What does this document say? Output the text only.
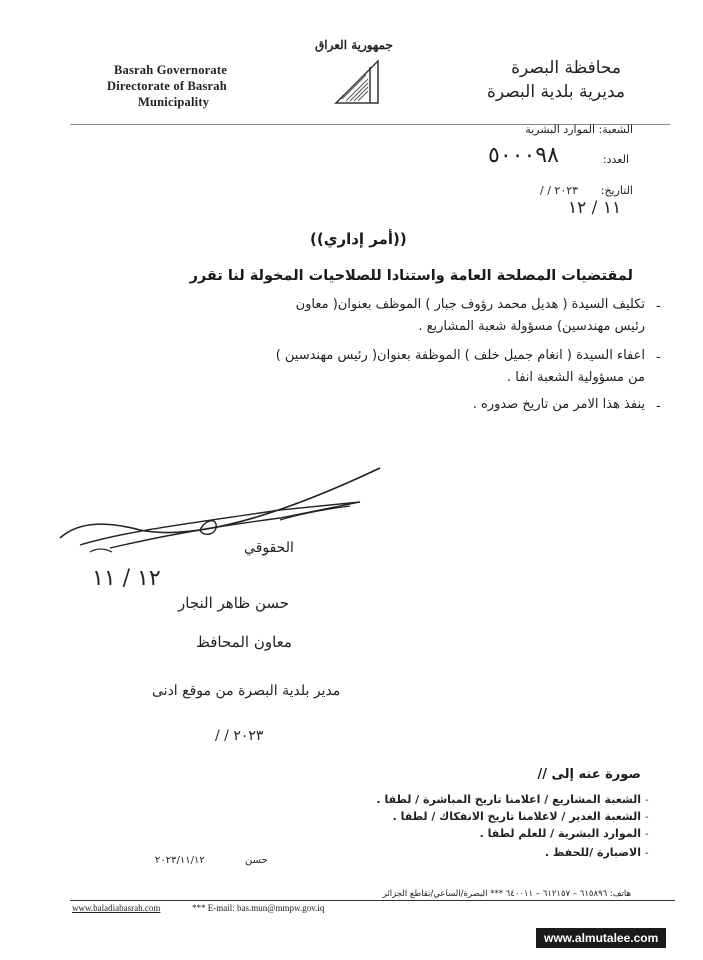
جمهورية العراق
Basrah Governorate
Directorate of Basrah
Municipality
محافظة البصرة
مديرية بلدية البصرة
الشعبة: الموارد البشرية
العدد:
٥٠٠٠٩٨
التاريخ:
/ / ٢٠٢٣
١١ / ١٢
((أمر إداري))
لمقتضيات المصلحة العامة واستنادا للصلاحيات المخولة لنا تقرر
-
تكليف السيدة ( هديل محمد رؤوف جبار ) الموظف بعنوان( معاون
رئيس مهندسين) مسؤولة شعبة المشاريع .
-
اعفاء السيدة ( انغام جميل خلف ) الموظفة بعنوان( رئيس مهندسين )
من مسؤولية الشعبة انفا .
-
ينفذ هذا الامر من تاريخ صدوره .
١٢ / ١١
الحقوقي
حسن ظاهر النجار
معاون المحافظ
مدير بلدية البصرة من موقع ادنى
/ / ٢٠٢٣
صورة عنه إلى //
الشعبة المشاريع / اعلامنا تاريخ المباشرة / لطفا .
الشعبة الغدير / لاعلامنا تاريخ الانفكاك / لطفا .
الموارد البشرية / للعلم لطفا .
الاضبارة /للحفظ .
-
-
-
-
حسن
٢٠٢٣/١١/١٢
هاتف: ٦١٥٨٩٦ – ٦١٢١٥٧ – ٦٤٠٠١١ *** البصرة/الساعي/تقاطع الجزائر
www.baladiabasrah.com	*** E-mail: bas.mun@mmpw.gov.iq
www.almutalee.com
